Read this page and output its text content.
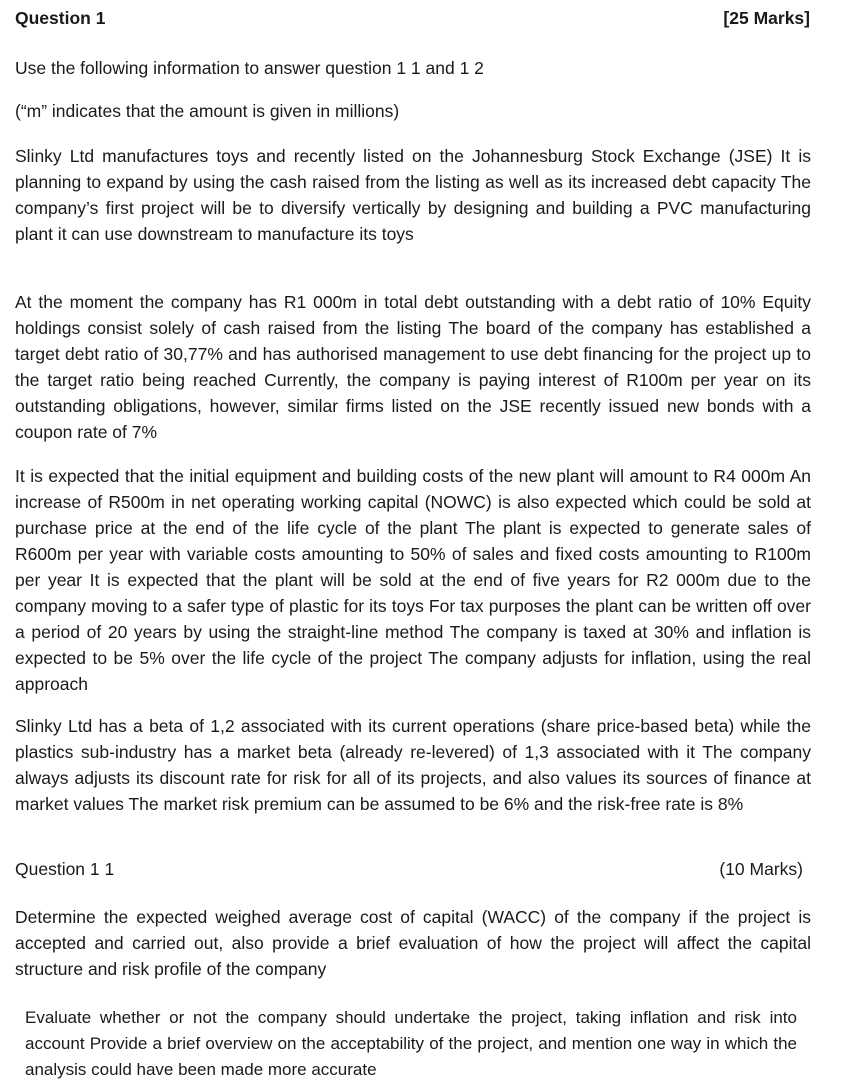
Question 1	[25 Marks]
Use the following information to answer question 1 1 and 1 2
(“m” indicates that the amount is given in millions)
Slinky Ltd manufactures toys and recently listed on the Johannesburg Stock Exchange (JSE) It is planning to expand by using the cash raised from the listing as well as its increased debt capacity The company’s first project will be to diversify vertically by designing and building a PVC manufacturing plant it can use downstream to manufacture its toys
At the moment the company has R1 000m in total debt outstanding with a debt ratio of 10% Equity holdings consist solely of cash raised from the listing The board of the company has established a target debt ratio of 30,77% and has authorised management to use debt financing for the project up to the target ratio being reached Currently, the company is paying interest of R100m per year on its outstanding obligations, however, similar firms listed on the JSE recently issued new bonds with a coupon rate of 7%
It is expected that the initial equipment and building costs of the new plant will amount to R4 000m An increase of R500m in net operating working capital (NOWC) is also expected which could be sold at purchase price at the end of the life cycle of the plant The plant is expected to generate sales of R600m per year with variable costs amounting to 50% of sales and fixed costs amounting to R100m per year It is expected that the plant will be sold at the end of five years for R2 000m due to the company moving to a safer type of plastic for its toys For tax purposes the plant can be written off over a period of 20 years by using the straight-line method The company is taxed at 30% and inflation is expected to be 5% over the life cycle of the project The company adjusts for inflation, using the real approach
Slinky Ltd has a beta of 1,2 associated with its current operations (share price-based beta) while the plastics sub-industry has a market beta (already re-levered) of 1,3 associated with it The company always adjusts its discount rate for risk for all of its projects, and also values its sources of finance at market values The market risk premium can be assumed to be 6% and the risk-free rate is 8%
Question 1 1	(10 Marks)
Determine the expected weighed average cost of capital (WACC) of the company if the project is accepted and carried out, also provide a brief evaluation of how the project will affect the capital structure and risk profile of the company
Evaluate whether or not the company should undertake the project, taking inflation and risk into account Provide a brief overview on the acceptability of the project, and mention one way in which the analysis could have been made more accurate
